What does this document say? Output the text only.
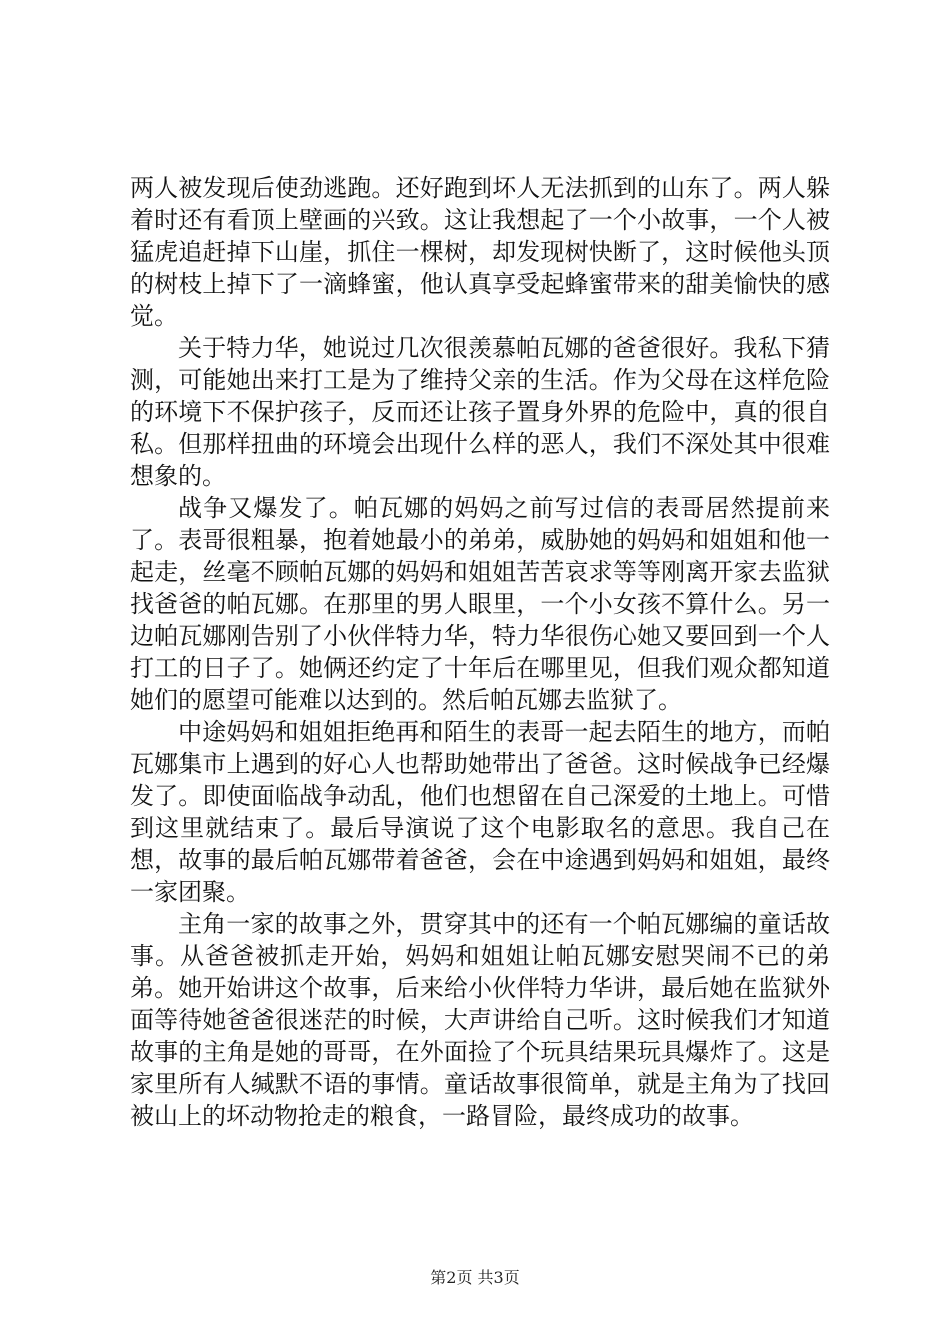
两人被发现后使劲逃跑。还好跑到坏人无法抓到的山东了。两人躲着时还有看顶上壁画的兴致。这让我想起了一个小故事，一个人被猛虎追赶掉下山崖，抓住一棵树，却发现树快断了，这时候他头顶的树枝上掉下了一滴蜂蜜，他认真享受起蜂蜜带来的甜美愉快的感觉。

关于特力华，她说过几次很羡慕帕瓦娜的爸爸很好。我私下猜测，可能她出来打工是为了维持父亲的生活。作为父母在这样危险的环境下不保护孩子，反而还让孩子置身外界的危险中，真的很自私。但那样扭曲的环境会出现什么样的恶人，我们不深处其中很难想象的。

战争又爆发了。帕瓦娜的妈妈之前写过信的表哥居然提前来了。表哥很粗暴，抱着她最小的弟弟，威胁她的妈妈和姐姐和他一起走，丝毫不顾帕瓦娜的妈妈和姐姐苦苦哀求等等刚离开家去监狱找爸爸的帕瓦娜。在那里的男人眼里，一个小女孩不算什么。另一边帕瓦娜刚告别了小伙伴特力华，特力华很伤心她又要回到一个人打工的日子了。她俩还约定了十年后在哪里见，但我们观众都知道她们的愿望可能难以达到的。然后帕瓦娜去监狱了。

中途妈妈和姐姐拒绝再和陌生的表哥一起去陌生的地方，而帕瓦娜集市上遇到的好心人也帮助她带出了爸爸。这时候战争已经爆发了。即使面临战争动乱，他们也想留在自己深爱的土地上。可惜到这里就结束了。最后导演说了这个电影取名的意思。我自己在想，故事的最后帕瓦娜带着爸爸，会在中途遇到妈妈和姐姐，最终一家团聚。

主角一家的故事之外，贯穿其中的还有一个帕瓦娜编的童话故事。从爸爸被抓走开始，妈妈和姐姐让帕瓦娜安慰哭闹不已的弟弟。她开始讲这个故事，后来给小伙伴特力华讲，最后她在监狱外面等待她爸爸很迷茫的时候，大声讲给自己听。这时候我们才知道故事的主角是她的哥哥，在外面捡了个玩具结果玩具爆炸了。这是家里所有人缄默不语的事情。童话故事很简单，就是主角为了找回被山上的坏动物抢走的粮食，一路冒险，最终成功的故事。

第2页 共3页
